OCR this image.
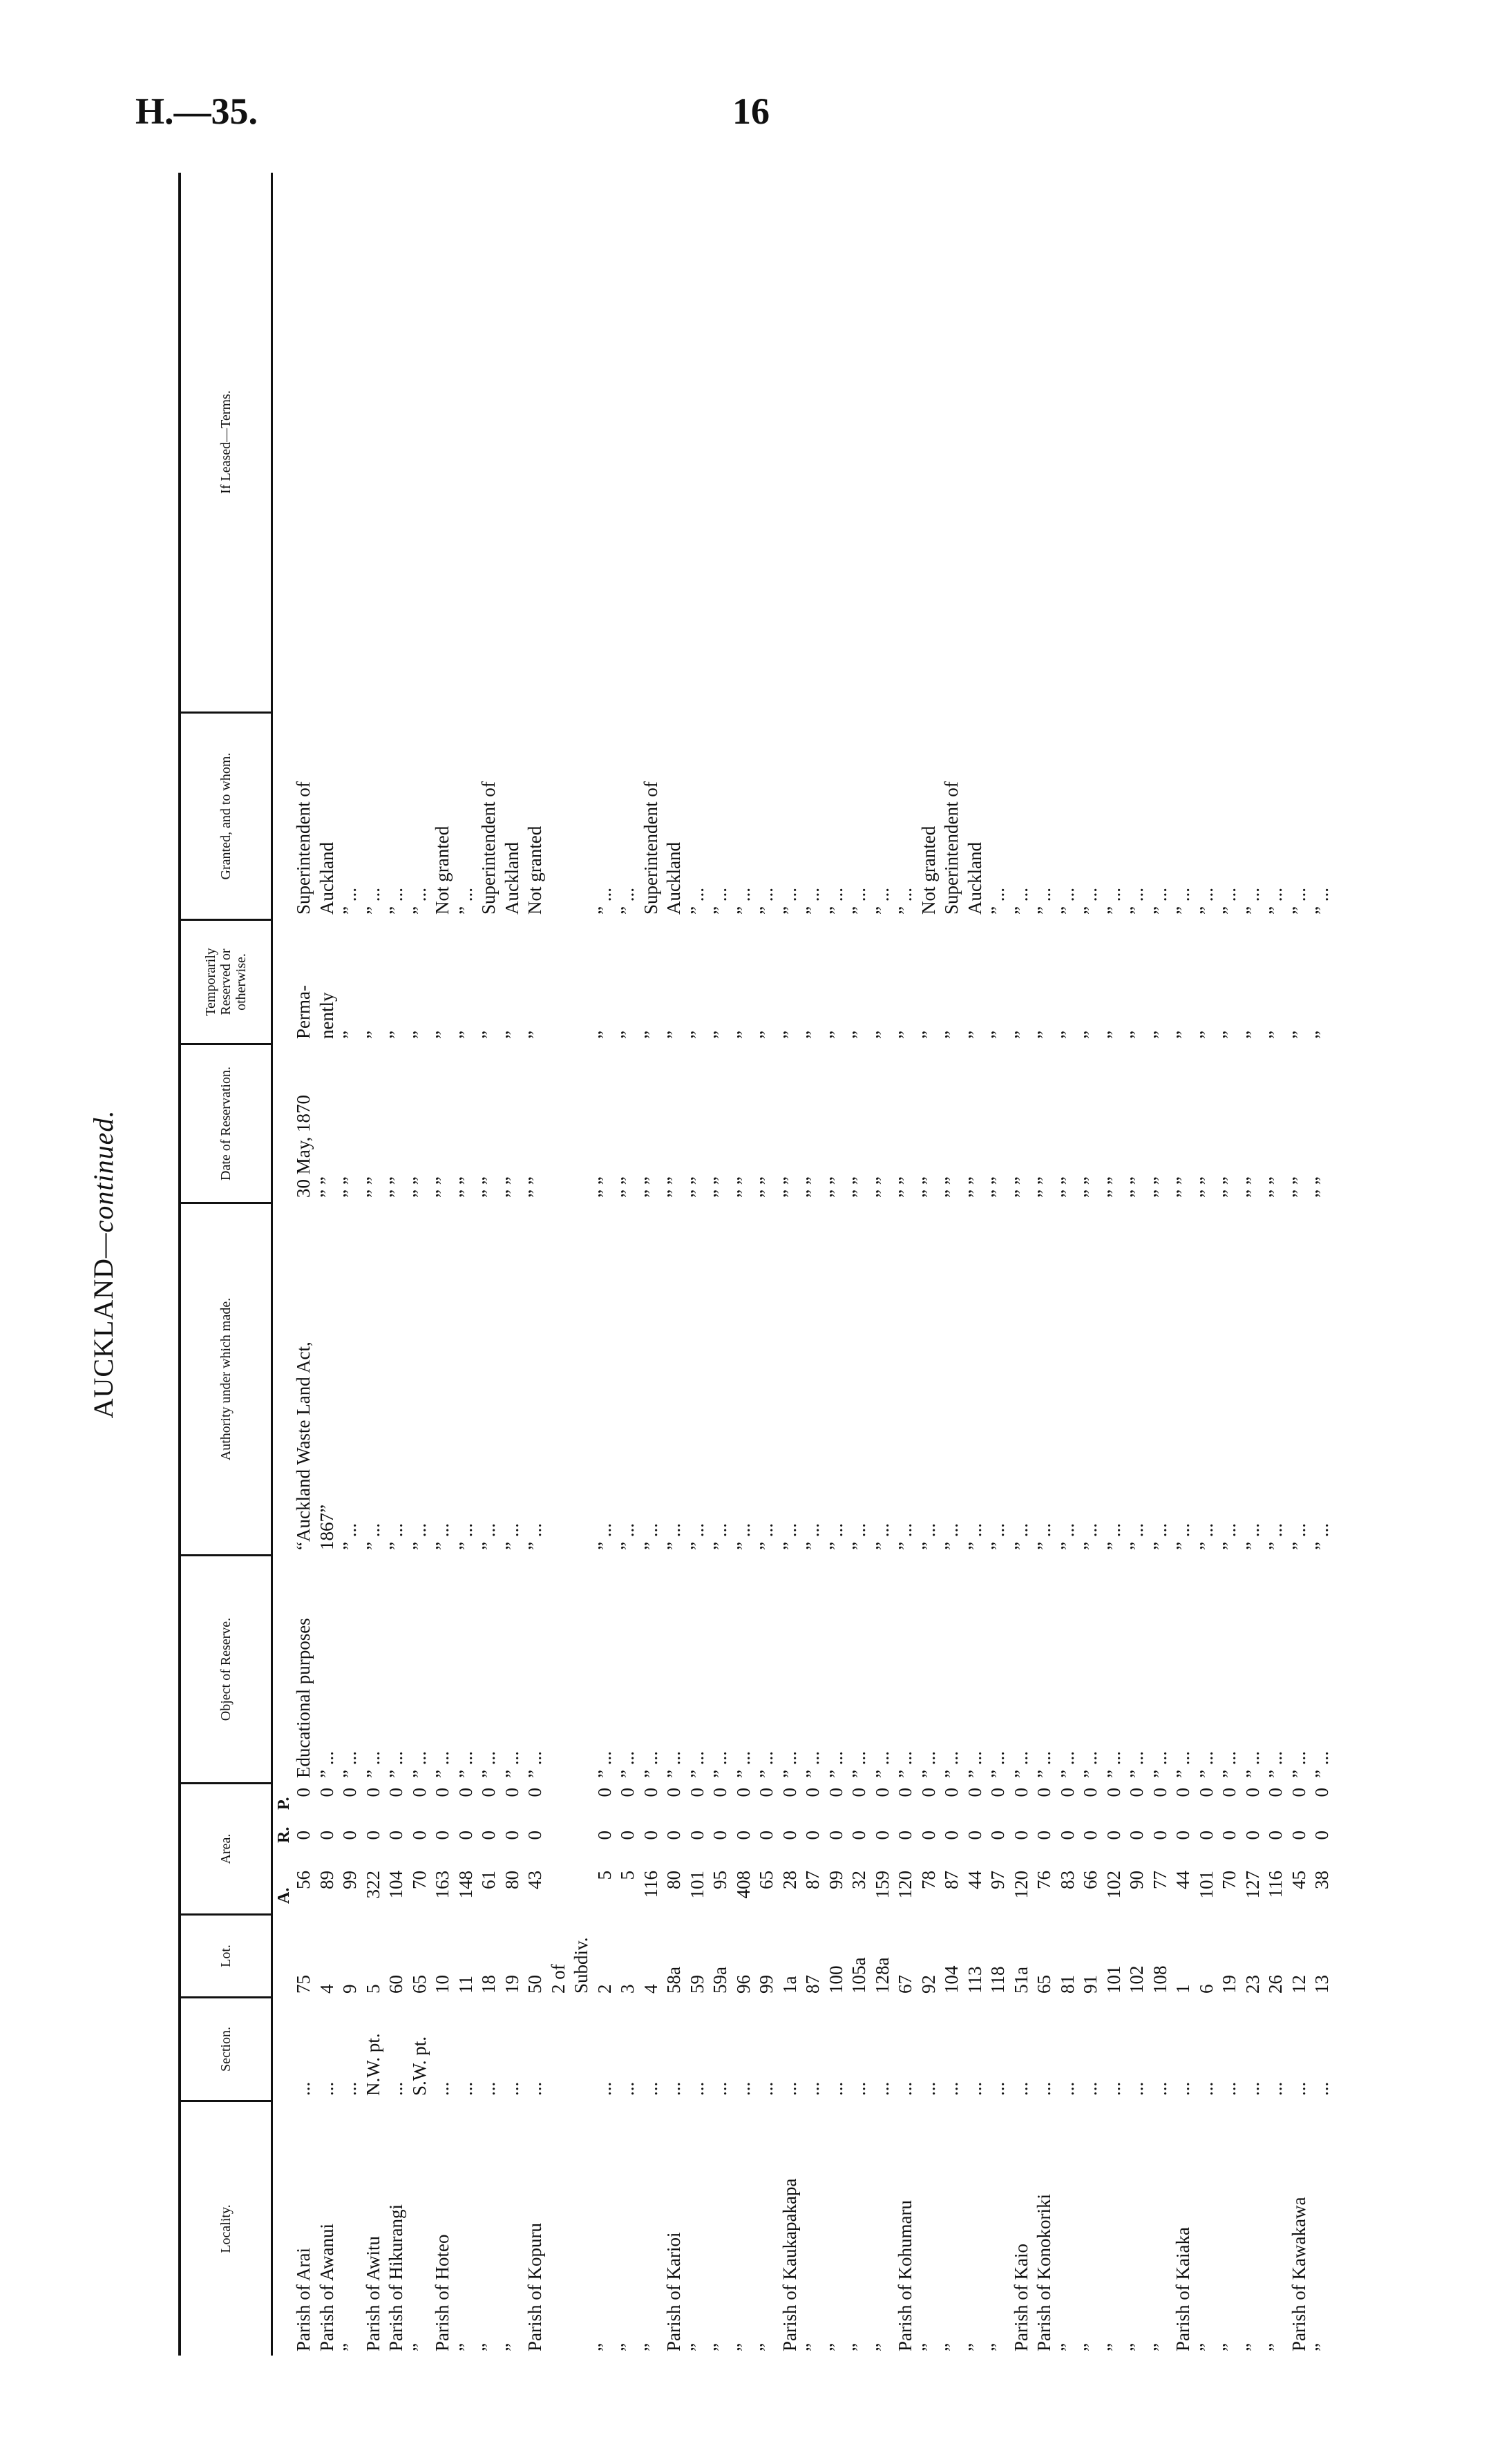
H.—35.	16
AUCKLAND—continued.
Locality.
Section.
Lot.
Area.
Object of Reserve.
Authority under which made.
Date of Reservation.
Temporarily Reserved or otherwise.
Granted, and to whom.
If Leased—Terms.
A.
R.
P.
Parish of Arai
...
75
56
0
0
Educational purposes
“Auckland Waste Land Act,
30 May, 1870
Perma-
Superintendent of
Parish of Awanui
...
4
89
0
0
” ...
1867”
” ”
nently
Auckland
”
...
9
99
0
0
” ...
” ...
” ”
”
” ...
Parish of Awitu
N.W. pt.
5
322
0
0
” ...
” ...
” ”
”
” ...
Parish of Hikurangi
...
60
104
0
0
” ...
” ...
” ”
”
” ...
”
S.W. pt.
65
70
0
0
” ...
” ...
” ”
”
” ...
Parish of Hoteo
...
10
163
0
0
” ...
” ...
” ”
”
Not granted
”
...
11
148
0
0
” ...
” ...
” ”
”
” ...
”
...
18
61
0
0
” ...
” ...
” ”
”
Superintendent of
”
...
19
80
0
0
” ...
” ...
” ”
”
Auckland
Parish of Kopuru
...
50
43
0
0
” ...
” ...
” ”
”
Not granted
2 of Subdiv.
”
...
2
5
0
0
” ...
” ...
” ”
”
” ...
”
...
3
5
0
0
” ...
” ...
” ”
”
” ...
”
...
4
116
0
0
” ...
” ...
” ”
”
Superintendent of
Parish of Karioi
...
58a
80
0
0
” ...
” ...
” ”
”
Auckland
”
...
59
101
0
0
” ...
” ...
” ”
”
” ...
”
...
59a
95
0
0
” ...
” ...
” ”
”
” ...
”
...
96
408
0
0
” ...
” ...
” ”
”
” ...
”
...
99
65
0
0
” ...
” ...
” ”
”
” ...
Parish of Kaukapakapa
...
1a
28
0
0
” ...
” ...
” ”
”
” ...
”
...
87
87
0
0
” ...
” ...
” ”
”
” ...
”
...
100
99
0
0
” ...
” ...
” ”
”
” ...
”
...
105a
32
0
0
” ...
” ...
” ”
”
” ...
”
...
128a
159
0
0
” ...
” ...
” ”
”
” ...
Parish of Kohumaru
...
67
120
0
0
” ...
” ...
” ”
”
” ...
”
...
92
78
0
0
” ...
” ...
” ”
”
Not granted
”
...
104
87
0
0
” ...
” ...
” ”
”
Superintendent of
”
...
113
44
0
0
” ...
” ...
” ”
”
Auckland
”
...
118
97
0
0
” ...
” ...
” ”
”
” ...
Parish of Kaio
...
51a
120
0
0
” ...
” ...
” ”
”
” ...
Parish of Konokoriki
...
65
76
0
0
” ...
” ...
” ”
”
” ...
”
...
81
83
0
0
” ...
” ...
” ”
”
” ...
”
...
91
66
0
0
” ...
” ...
” ”
”
” ...
”
...
101
102
0
0
” ...
” ...
” ”
”
” ...
”
...
102
90
0
0
” ...
” ...
” ”
”
” ...
”
...
108
77
0
0
” ...
” ...
” ”
”
” ...
Parish of Kaiaka
...
1
44
0
0
” ...
” ...
” ”
”
” ...
”
...
6
101
0
0
” ...
” ...
” ”
”
” ...
”
...
19
70
0
0
” ...
” ...
” ”
”
” ...
”
...
23
127
0
0
” ...
” ...
” ”
”
” ...
”
...
26
116
0
0
” ...
” ...
” ”
”
” ...
Parish of Kawakawa
...
12
45
0
0
” ...
” ...
” ”
”
” ...
”
...
13
38
0
0
” ...
” ...
” ”
”
” ...
